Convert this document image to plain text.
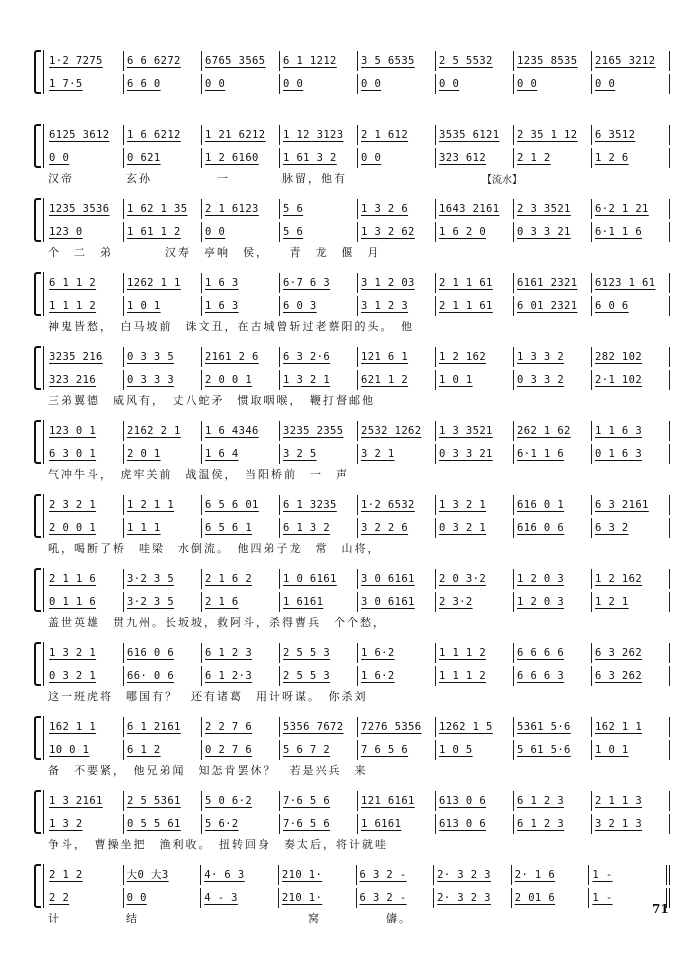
1·2 7275	6 6 6272	6765 3565	6 1 1212	3 5 6535	2 5 5532	1235 8535	2165 3212
1 7·5	6 6 0	0 0	0 0	0 0	0 0	0 0	0 0
6125 3612	1 6 6212	1 21 6212	1 12 3123	2 1 612	3535 6121	2 35 1 12	6 3512
0 0	0 621	1 2 6160	1 61 3 2	0 0	323 612	2 1 2	1 2 6
汉帝　　　　玄孙　　　　　一　　　　脉留，他有
1235 3536	1 62 1 35	2 1 6123	5 6	1 3 2 6	1643 2161	2 3 3521	6·2 1 21
123 0	1 61 1 2	0 0	5 6	1 3 2 62	1 6 2 0	0 3 3 21	6·1 1 6
个　二　弟　　　　汉寿　亭响　侯，　　青　龙　偃　月
6 1 1 2	1262 1 1	1 6 3	6·7 6 3	3 1 2 03	2 1 1 61	6161 2321	6123 1 61
1 1 1 2	1 0 1	1 6 3	6 0 3	3 1 2 3	2 1 1 61	6 01 2321	6 0 6
神鬼皆愁，　白马坡前　诛文丑，在古城曾斩过老蔡阳的头。　他
3235 216	0 3 3 5	2161 2 6	6 3 2·6	121 6 1	1 2 162	1 3 3 2	282 102
323 216	0 3 3 3	2 0 0 1	1 3 2 1	621 1 2	1 0 1	0 3 3 2	2·1 102
三弟翼德　威风有，　丈八蛇矛　惯取咽喉，　鞭打督邮他
123 0 1	2162 2 1	1 6 4346	3235 2355	2532 1262	1 3 3521	262 1 62	1 1 6 3
6 3 0 1	2 0 1	1 6 4	3 2 5	3 2 1	0 3 3 21	6·1 1 6	0 1 6 3
气冲牛斗，　虎牢关前　战温侯，　当阳桥前　一　声
2 3 2 1	1 2 1 1	6 5 6 01	6 1 3235	1·2 6532	1 3 2 1	616 0 1	6 3 2161
2 0 0 1	1 1 1	6 5 6 1	6 1 3 2	3 2 2 6	0 3 2 1	616 0 6	6 3 2
吼，喝断了桥　哇梁　水倒流。　他四弟子龙　常　山将，
2 1 1 6	3·2 3 5	2 1 6 2	1 0 6161	3 0 6161	2 0 3·2	1 2 0 3	1 2 162
0 1 1 6	3·2 3 5	2 1 6	1 6161	3 0 6161	2 3·2	1 2 0 3	1 2 1
盖世英雄　贯九州。长坂坡，救阿斗，杀得曹兵　个个愁，
1 3 2 1	616 0 6	6 1 2 3	2 5 5 3	1 6·2	1 1 1 2	6 6 6 6	6 3 262
0 3 2 1	66· 0 6	6 1 2·3	2 5 5 3	1 6·2	1 1 1 2	6 6 6 3	6 3 262
这一班虎将　哪国有？　还有诸葛　用计呀谋。　你杀刘
162 1 1	6 1 2161	2 2 7 6	5356 7672	7276 5356	1262 1 5	5361 5·6	162 1 1
10 0 1	6 1 2	0 2 7 6	5 6 7 2	7 6 5 6	1 0 5	5 61 5·6	1 0 1
备　不要紧，　他兄弟闻　知怎肯罢休？　若是兴兵　来
1 3 2161	2 5 5361	5 0 6·2	7·6 5 6	121 6161	613 0 6	6 1 2 3	2 1 1 3
1 3 2	0 5 5 61	5 6·2	7·6 5 6	1 6161	613 0 6	6 1 2 3	3 2 1 3
争斗，　曹操坐把　渔利收。　扭转回身　奏太后，将计就哇
2 1 2	大0 大3	4· 6 3	210 1·	6 3 2 -	2· 3 2 3	2· 1 6	1 -
2 2	0 0	4 - 3	210 1·	6 3 2 -	2· 3 2 3	2 01 6	1 -
计　　　　　结　　　　　　　　　　　　　窝　　　　　儔。
【流水】
71
